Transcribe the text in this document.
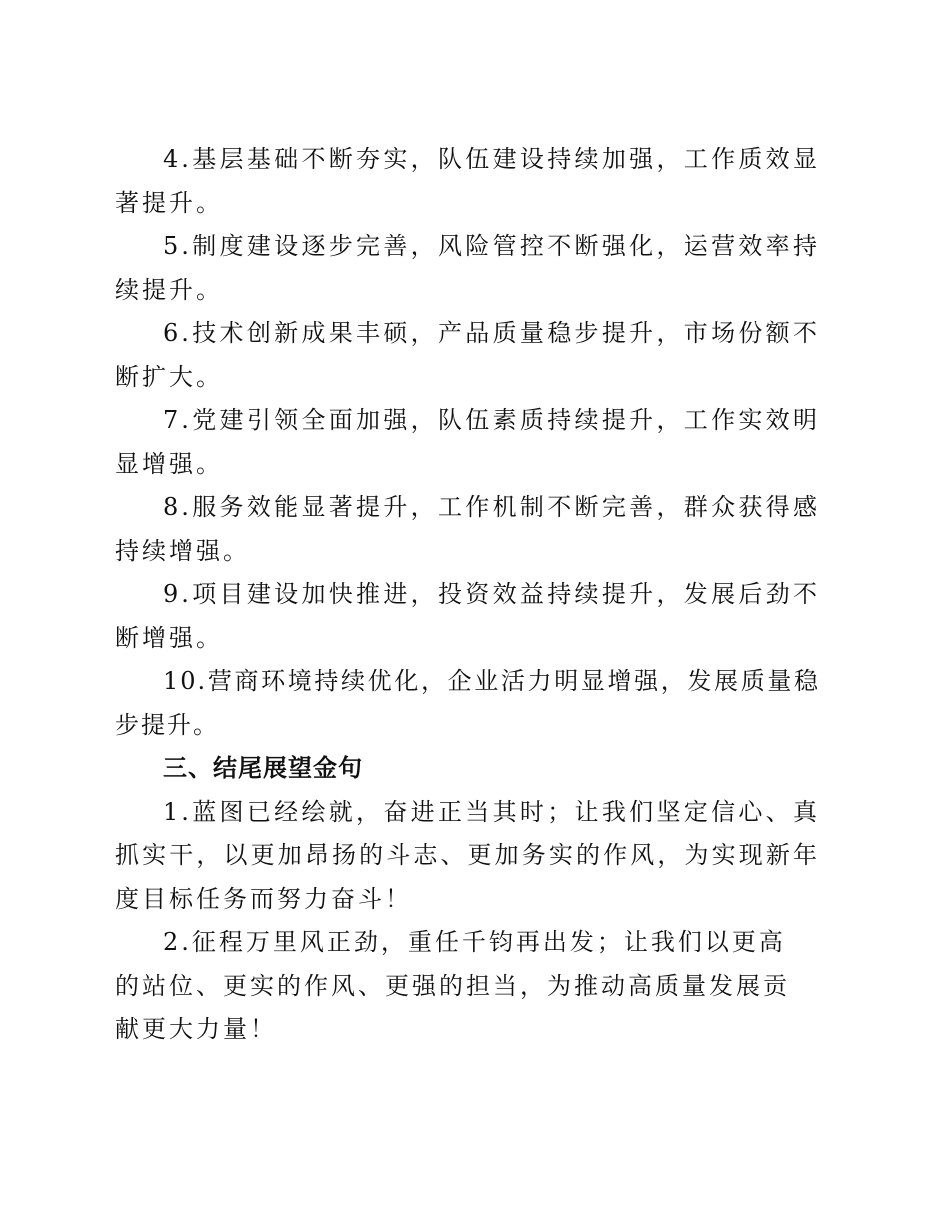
4.基层基础不断夯实，队伍建设持续加强，工作质效显著提升。

5.制度建设逐步完善，风险管控不断强化，运营效率持续提升。

6.技术创新成果丰硕，产品质量稳步提升，市场份额不断扩大。

7.党建引领全面加强，队伍素质持续提升，工作实效明显增强。

8.服务效能显著提升，工作机制不断完善，群众获得感持续增强。

9.项目建设加快推进，投资效益持续提升，发展后劲不断增强。

10.营商环境持续优化，企业活力明显增强，发展质量稳步提升。

三、结尾展望金句

1.蓝图已经绘就，奋进正当其时；让我们坚定信心、真抓实干，以更加昂扬的斗志、更加务实的作风，为实现新年度目标任务而努力奋斗！

2.征程万里风正劲，重任千钧再出发；让我们以更高的站位、更实的作风、更强的担当，为推动高质量发展贡献更大力量！
